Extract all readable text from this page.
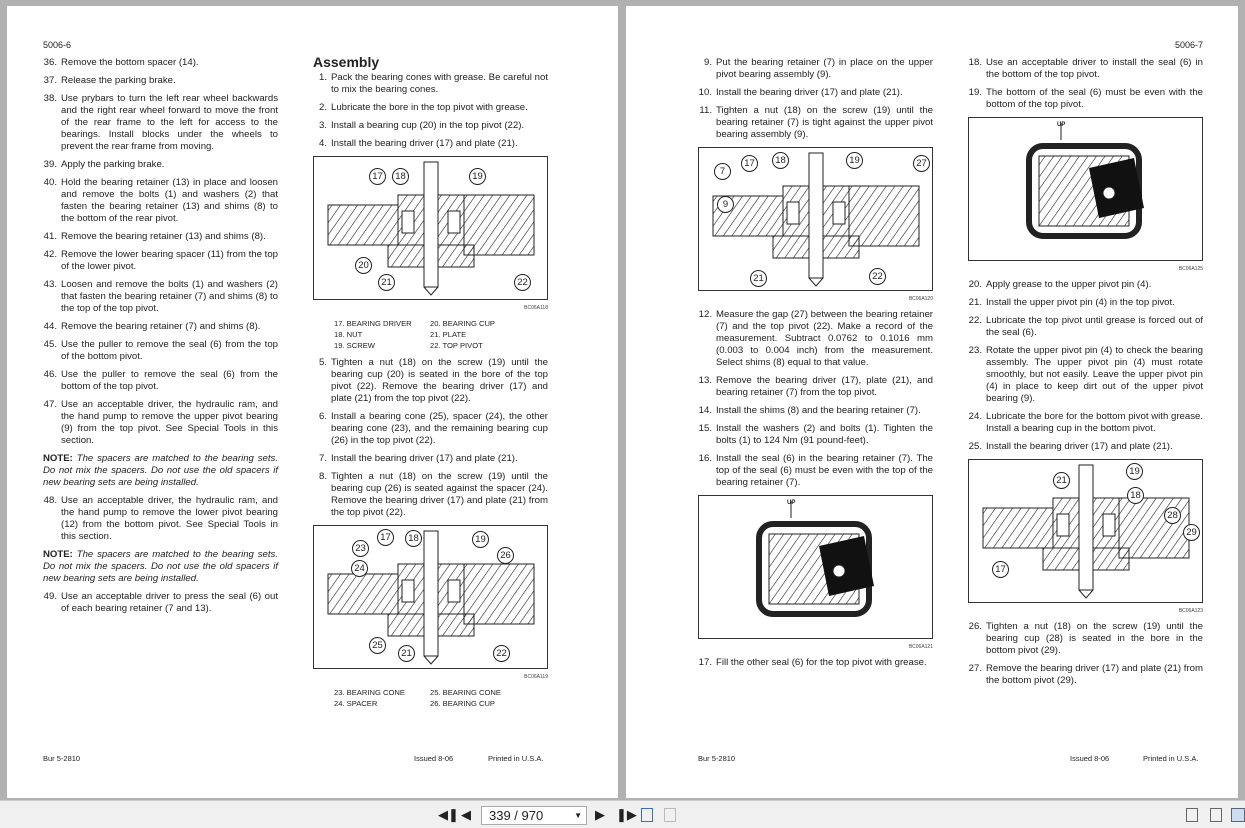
5006-6
36. Remove the bottom spacer (14).
37. Release the parking brake.
38. Use prybars to turn the left rear wheel backwards and the right rear wheel forward to move the front of the rear frame to the left for access to the bearings. Install blocks under the wheels to prevent the rear frame from moving.
39. Apply the parking brake.
40. Hold the bearing retainer (13) in place and loosen and remove the bolts (1) and washers (2) that fasten the bearing retainer (13) and shims (8) to the bottom of the rear pivot.
41. Remove the bearing retainer (13) and shims (8).
42. Remove the lower bearing spacer (11) from the top of the lower pivot.
43. Loosen and remove the bolts (1) and washers (2) that fasten the bearing retainer (7) and shims (8) to the top of the top pivot.
44. Remove the bearing retainer (7) and shims (8).
45. Use the puller to remove the seal (6) from the top of the bottom pivot.
46. Use the puller to remove the seal (6) from the bottom of the top pivot.
47. Use an acceptable driver, the hydraulic ram, and the hand pump to remove the upper pivot bearing (9) from the top pivot. See Special Tools in this section.
NOTE: The spacers are matched to the bearing sets. Do not mix the spacers. Do not use the old spacers if new bearing sets are being installed.
48. Use an acceptable driver, the hydraulic ram, and the hand pump to remove the lower pivot bearing (12) from the bottom pivot. See Special Tools in this section.
NOTE: The spacers are matched to the bearing sets. Do not mix the spacers. Do not use the old spacers if new bearing sets are being installed.
49. Use an acceptable driver to press the seal (6) out of each bearing retainer (7 and 13).
Assembly
1. Pack the bearing cones with grease. Be careful not to mix the bearing cones.
2. Lubricate the bore in the top pivot with grease.
3. Install a bearing cup (20) in the top pivot (22).
4. Install the bearing driver (17) and plate (21).
17	18	19
20
21	22
BC06A118
17. BEARING DRIVER	20. BEARING CUP
18. NUT	21. PLATE
19. SCREW	22. TOP PIVOT
5. Tighten a nut (18) on the screw (19) until the bearing cup (20) is seated in the bore of the top pivot (22). Remove the bearing driver (17) and plate (21) from the top pivot (22).
6. Install a bearing cone (25), spacer (24), the other bearing cone (23), and the remaining bearing cup (26) in the top pivot (22).
7. Install the bearing driver (17) and plate (21).
8. Tighten a nut (18) on the screw (19) until the bearing cup (26) is seated against the spacer (24). Remove the bearing driver (17) and plate (21) from the top pivot (22).
17	18	19
23
26
24
25
21	22
BC06A119
23. BEARING CONE	25. BEARING CONE
24. SPACER	26. BEARING CUP
Bur 5-2810	Issued 8-06	Printed in U.S.A.
5006-7
9. Put the bearing retainer (7) in place on the upper pivot bearing assembly (9).
10. Install the bearing driver (17) and plate (21).
11. Tighten a nut (18) on the screw (19) until the bearing retainer (7) is tight against the upper pivot bearing assembly (9).
17	18	19	27
7
9
21	22
BC06A120
12. Measure the gap (27) between the bearing retainer (7) and the top pivot (22). Make a record of the measurement. Subtract 0.0762 to 0.1016 mm (0.003 to 0.004 inch) from the measurement. Select shims (8) equal to that value.
13. Remove the bearing driver (17), plate (21), and bearing retainer (7) from the top pivot.
14. Install the shims (8) and the bearing retainer (7).
15. Install the washers (2) and bolts (1). Tighten the bolts (1) to 124 Nm (91 pound-feet).
16. Install the seal (6) in the bearing retainer (7). The top of the seal (6) must be even with the top of the bearing retainer (7).
UP
BC06A121
17. Fill the other seal (6) for the top pivot with grease.
18. Use an acceptable driver to install the seal (6) in the bottom of the top pivot.
19. The bottom of the seal (6) must be even with the bottom of the top pivot.
UP
BC06A125
20. Apply grease to the upper pivot pin (4).
21. Install the upper pivot pin (4) in the top pivot.
22. Lubricate the top pivot until grease is forced out of the seal (6).
23. Rotate the upper pivot pin (4) to check the bearing assembly. The upper pivot pin (4) must rotate smoothly, but not easily. Leave the upper pivot pin (4) in place to keep dirt out of the upper pivot bearing (9).
24. Lubricate the bore for the bottom pivot with grease. Install a bearing cup in the bottom pivot.
25. Install the bearing driver (17) and plate (21).
19
21
18
28
29
17
BC06A123
26. Tighten a nut (18) on the screw (19) until the bearing cup (28) is seated in the bore in the bottom pivot (29).
27. Remove the bearing driver (17) and plate (21) from the bottom pivot (29).
Bur 5-2810	Issued 8-06	Printed in U.S.A.
◀❚ ◀	339 / 970	▼ ▶ ❚▶
